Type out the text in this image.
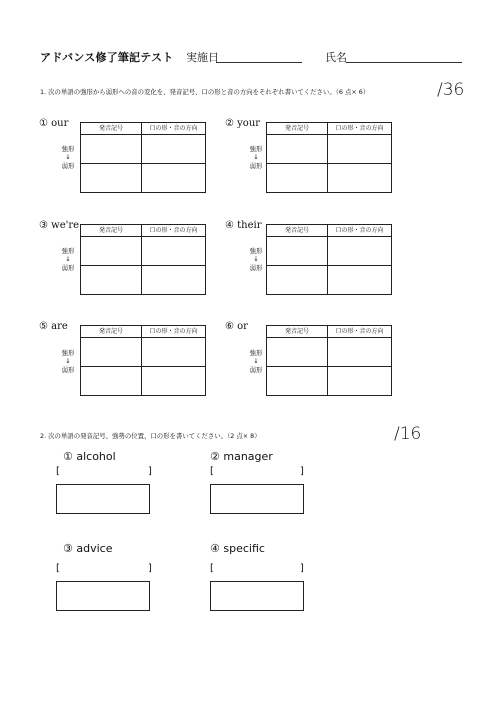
アドバンス修了筆記テスト 実施日	氏名
1. 次の単語の強形から弱形への音の変化を、発音記号、口の形と音の方向をそれぞれ書いてください。（6 点× 6）	/36
① our	発音記号	口の形・音の方向

強形
↓
弱形
② your	発音記号	口の形・音の方向

強形
↓
弱形
③ we're	発音記号	口の形・音の方向

強形
↓
弱形
④ their	発音記号	口の形・音の方向

強形
↓
弱形
⑤ are	発音記号	口の形・音の方向

強形
↓
弱形
⑥ or	発音記号	口の形・音の方向

強形
↓
弱形
2. 次の単語の発音記号、強勢の位置、口の形を書いてください。（2 点× 8）	/16
① alcohol
[	]
② manager
[	]
③ advice
[	]
④ specific
[	]
